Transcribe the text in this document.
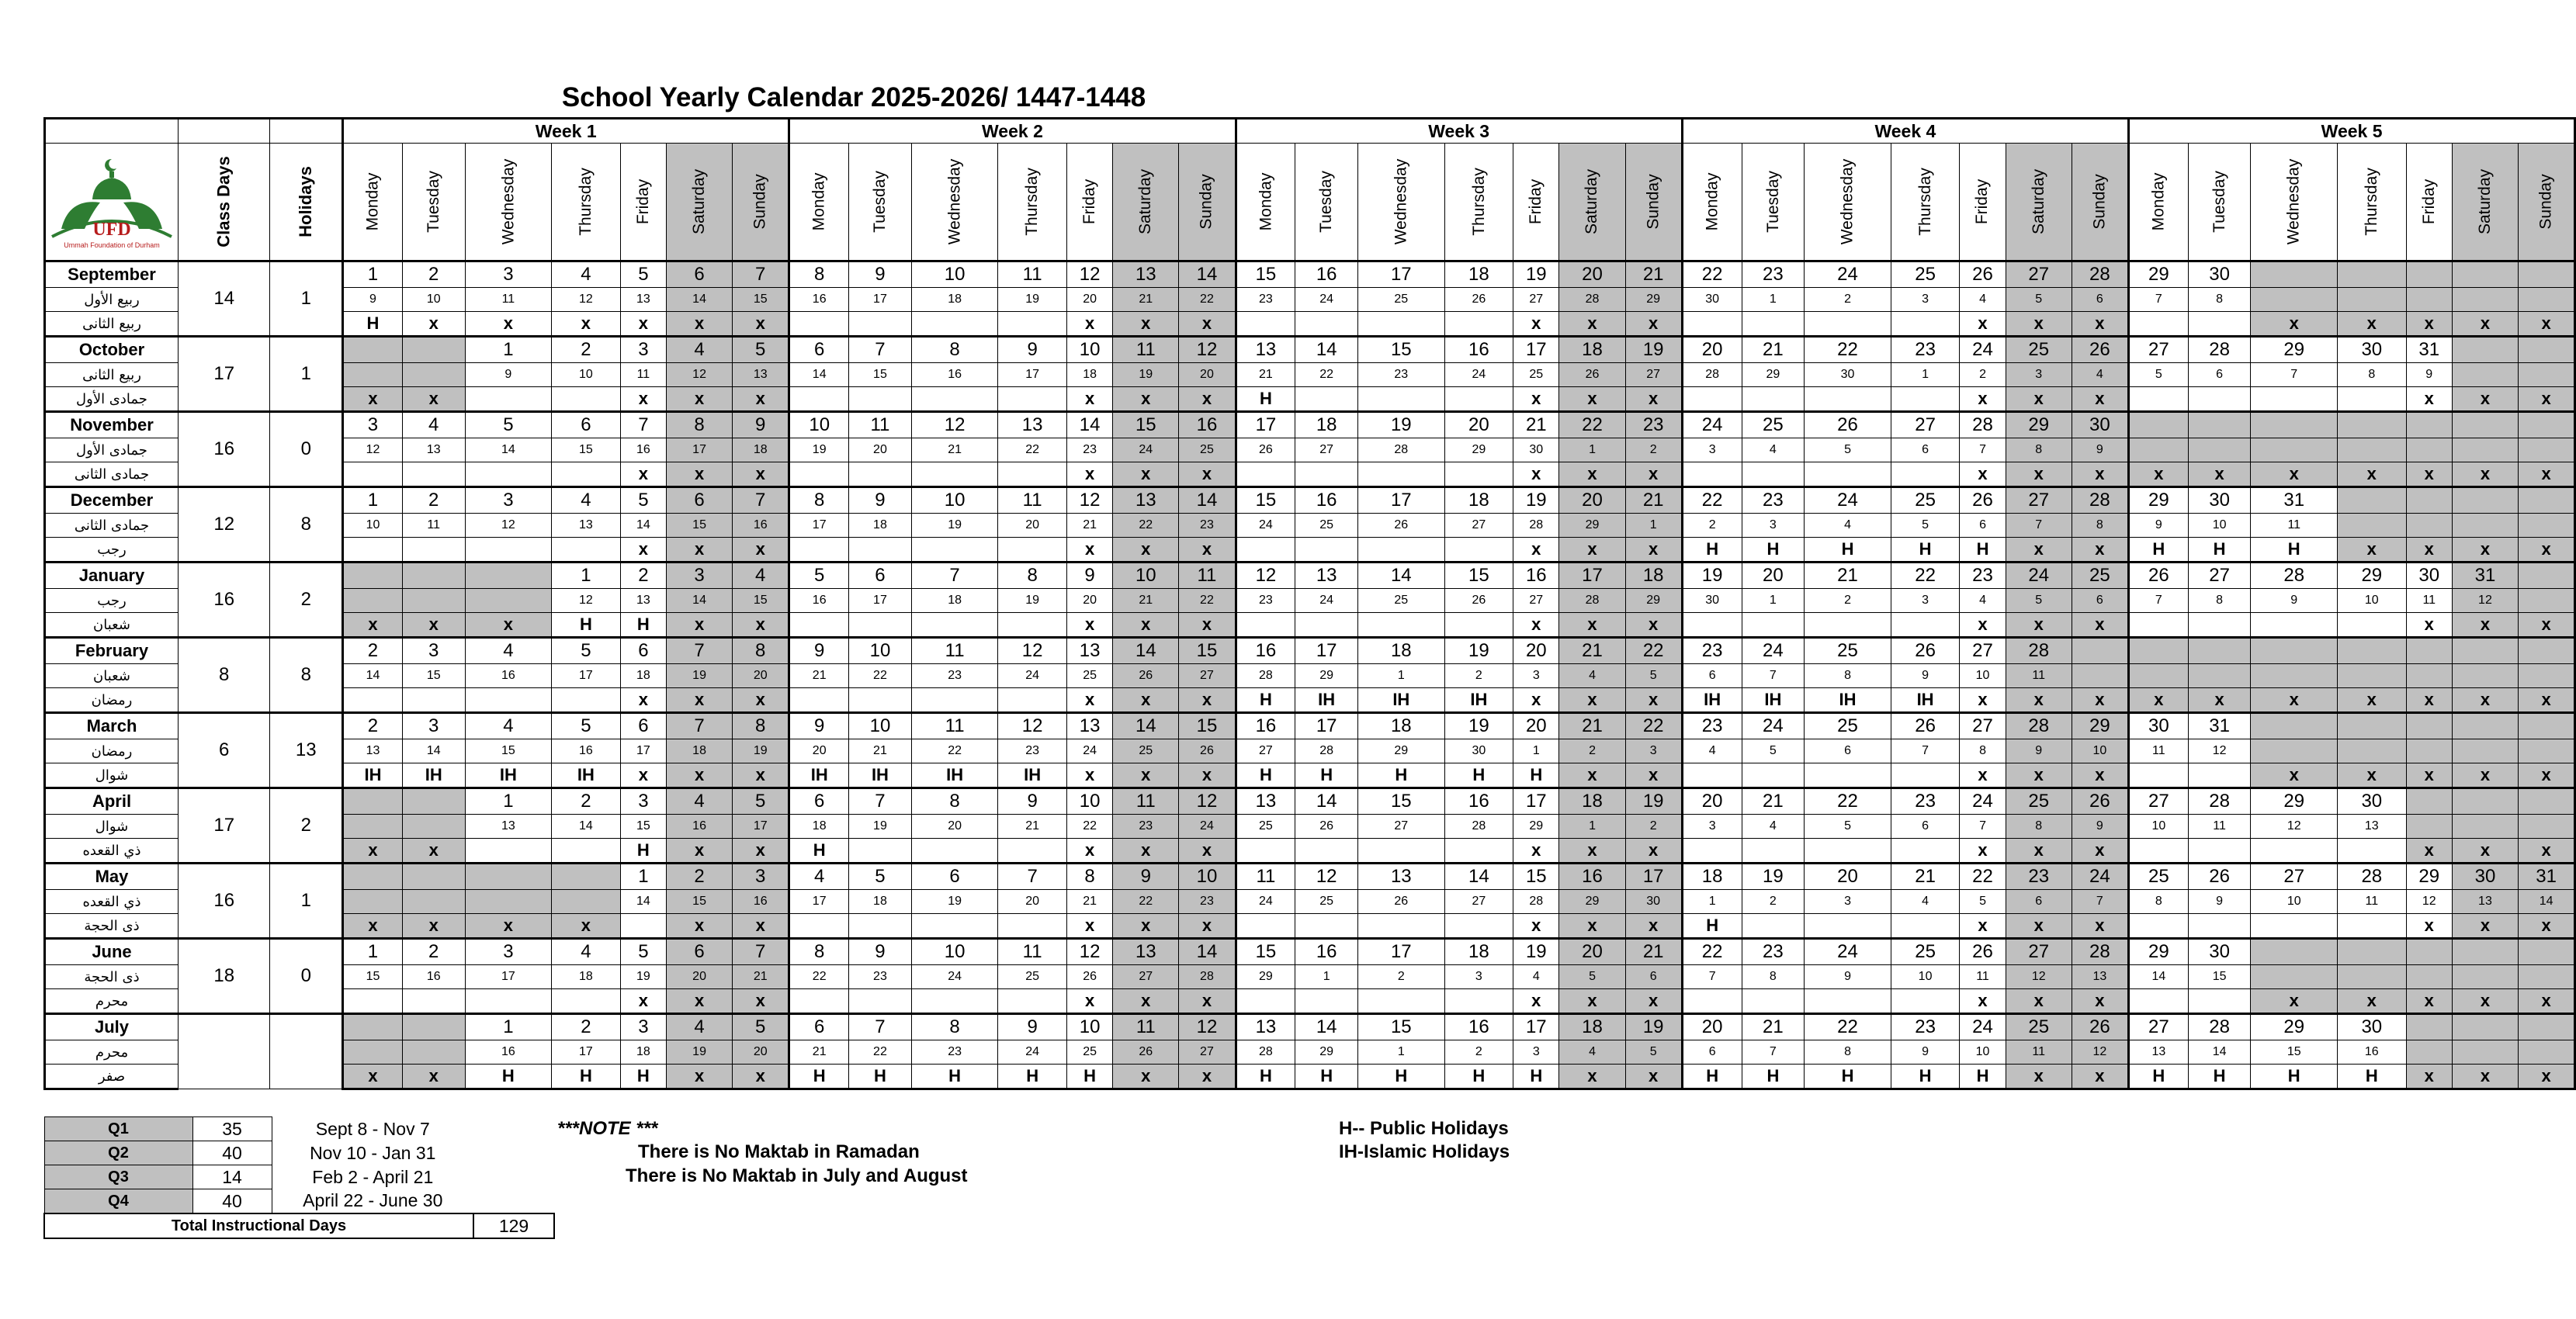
School Yearly Calendar 2025-2026/ 1447-1448
			Week 1							Week 2							Week 3							Week 4							Week 5						

UFD
Ummah Foundation of Durham	Class Days	Holidays	Monday	Tuesday	Wednesday	Thursday	Friday	Saturday	Sunday	Monday	Tuesday	Wednesday	Thursday	Friday	Saturday	Sunday	Monday	Tuesday	Wednesday	Thursday	Friday	Saturday	Sunday	Monday	Tuesday	Wednesday	Thursday	Friday	Saturday	Sunday	Monday	Tuesday	Wednesday	Thursday	Friday	Saturday	Sunday
September	14	1	1	2	3	4	5	6	7	8	9	10	11	12	13	14	15	16	17	18	19	20	21	22	23	24	25	26	27	28	29	30					
ربيع الأول			9	10	11	12	13	14	15	16	17	18	19	20	21	22	23	24	25	26	27	28	29	30	1	2	3	4	5	6	7	8					
ربيع الثانى			H	x	x	x	x	x	x					x	x	x					x	x	x					x	x	x			x	x	x	x	x
October	17	1			1	2	3	4	5	6	7	8	9	10	11	12	13	14	15	16	17	18	19	20	21	22	23	24	25	26	27	28	29	30	31		
ربيع الثانى					9	10	11	12	13	14	15	16	17	18	19	20	21	22	23	24	25	26	27	28	29	30	1	2	3	4	5	6	7	8	9		
جمادى الأول			x	x			x	x	x					x	x	x	H				x	x	x					x	x	x					x	x	x
November	16	0	3	4	5	6	7	8	9	10	11	12	13	14	15	16	17	18	19	20	21	22	23	24	25	26	27	28	29	30							
جمادى الأول			12	13	14	15	16	17	18	19	20	21	22	23	24	25	26	27	28	29	30	1	2	3	4	5	6	7	8	9							
جمادى الثانى							x	x	x					x	x	x					x	x	x					x	x	x	x	x	x	x	x	x	x
December	12	8	1	2	3	4	5	6	7	8	9	10	11	12	13	14	15	16	17	18	19	20	21	22	23	24	25	26	27	28	29	30	31				
جمادى الثانى			10	11	12	13	14	15	16	17	18	19	20	21	22	23	24	25	26	27	28	29	1	2	3	4	5	6	7	8	9	10	11				
رجب							x	x	x					x	x	x					x	x	x	H	H	H	H	H	x	x	H	H	H	x	x	x	x
January	16	2				1	2	3	4	5	6	7	8	9	10	11	12	13	14	15	16	17	18	19	20	21	22	23	24	25	26	27	28	29	30	31	
رجب						12	13	14	15	16	17	18	19	20	21	22	23	24	25	26	27	28	29	30	1	2	3	4	5	6	7	8	9	10	11	12	
شعبان			x	x	x	H	H	x	x					x	x	x					x	x	x					x	x	x					x	x	x
February	8	8	2	3	4	5	6	7	8	9	10	11	12	13	14	15	16	17	18	19	20	21	22	23	24	25	26	27	28								
شعبان			14	15	16	17	18	19	20	21	22	23	24	25	26	27	28	29	1	2	3	4	5	6	7	8	9	10	11								
رمضان							x	x	x					x	x	x	H	IH	IH	IH	x	x	x	IH	IH	IH	IH	x	x	x	x	x	x	x	x	x	x
March	6	13	2	3	4	5	6	7	8	9	10	11	12	13	14	15	16	17	18	19	20	21	22	23	24	25	26	27	28	29	30	31					
رمضان			13	14	15	16	17	18	19	20	21	22	23	24	25	26	27	28	29	30	1	2	3	4	5	6	7	8	9	10	11	12					
شوال			IH	IH	IH	IH	x	x	x	IH	IH	IH	IH	x	x	x	H	H	H	H	H	x	x					x	x	x			x	x	x	x	x
April	17	2			1	2	3	4	5	6	7	8	9	10	11	12	13	14	15	16	17	18	19	20	21	22	23	24	25	26	27	28	29	30			
شوال					13	14	15	16	17	18	19	20	21	22	23	24	25	26	27	28	29	1	2	3	4	5	6	7	8	9	10	11	12	13			
ذي القعده			x	x			H	x	x	H				x	x	x					x	x	x					x	x	x					x	x	x
May	16	1					1	2	3	4	5	6	7	8	9	10	11	12	13	14	15	16	17	18	19	20	21	22	23	24	25	26	27	28	29	30	31
ذي القعده							14	15	16	17	18	19	20	21	22	23	24	25	26	27	28	29	30	1	2	3	4	5	6	7	8	9	10	11	12	13	14
ذى الحجة			x	x	x	x		x	x					x	x	x					x	x	x	H				x	x	x					x	x	x
June	18	0	1	2	3	4	5	6	7	8	9	10	11	12	13	14	15	16	17	18	19	20	21	22	23	24	25	26	27	28	29	30					
ذى الحجة			15	16	17	18	19	20	21	22	23	24	25	26	27	28	29	1	2	3	4	5	6	7	8	9	10	11	12	13	14	15					
محرم							x	x	x					x	x	x					x	x	x					x	x	x			x	x	x	x	x
July					1	2	3	4	5	6	7	8	9	10	11	12	13	14	15	16	17	18	19	20	21	22	23	24	25	26	27	28	29	30			
محرم					16	17	18	19	20	21	22	23	24	25	26	27	28	29	1	2	3	4	5	6	7	8	9	10	11	12	13	14	15	16			
صفر			x	x	H	H	H	x	x	H	H	H	H	H	x	x	H	H	H	H	H	x	x	H	H	H	H	H	x	x	H	H	H	H	x	x	x
Q1	35	Sept 8 - Nov 7	
Q2	40	Nov 10 - Jan 31	
Q3	14	Feb 2 - April 21	
Q4	40	April 22 - June 30	
Total Instructional Days			129
***NOTE ***
There is No Maktab in Ramadan
There is No Maktab in July and August
H-- Public Holidays
IH-Islamic Holidays
